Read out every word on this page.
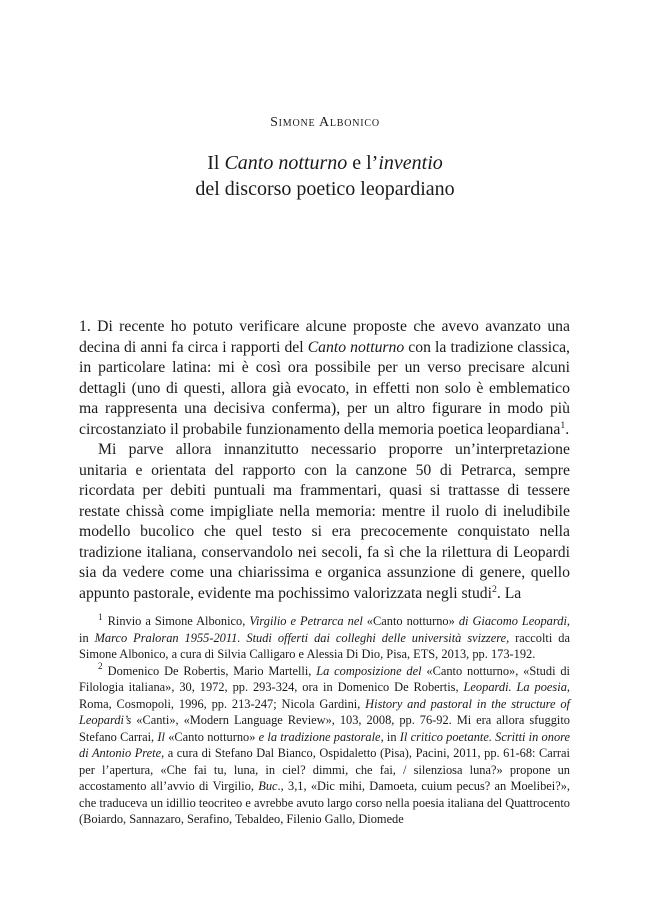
Simone Albonico
Il Canto notturno e l’inventio
del discorso poetico leopardiano

1. Di recente ho potuto verificare alcune proposte che avevo avanzato una decina di anni fa circa i rapporti del Canto notturno con la tradizione classica, in particolare latina: mi è così ora possibile per un verso precisare alcuni dettagli (uno di questi, allora già evocato, in effetti non solo è emblematico ma rappresenta una decisiva conferma), per un altro figurare in modo più circostanziato il probabile funzionamento della memoria poetica leopardiana$^1$.

Mi parve allora innanzitutto necessario proporre un’interpretazione unitaria e orientata del rapporto con la canzone 50 di Petrarca, sempre ricordata per debiti puntuali ma frammentari, quasi si trattasse di tessere restate chissà come impigliate nella memoria: mentre il ruolo di ineludibile modello bucolico che quel testo si era precocemente conquistato nella tradizione italiana, conservandolo nei secoli, fa sì che la rilettura di Leopardi sia da vedere come una chiarissima e organica assunzione di genere, quello appunto pastorale, evidente ma pochissimo valorizzata negli studi$^2$. La

$^1$ Rinvio a Simone Albonico, Virgilio e Petrarca nel «Canto notturno» di Giacomo Leopardi, in Marco Praloran 1955-2011. Studi offerti dai colleghi delle università svizzere, raccolti da Simone Albonico, a cura di Silvia Calligaro e Alessia Di Dio, Pisa, ETS, 2013, pp. 173-192.

$^2$ Domenico De Robertis, Mario Martelli, La composizione del «Canto notturno», «Studi di Filologia italiana», 30, 1972, pp. 293-324, ora in Domenico De Robertis, Leopardi. La poesia, Roma, Cosmopoli, 1996, pp. 213-247; Nicola Gardini, History and pastoral in the structure of Leopardi’s «Canti», «Modern Language Review», 103, 2008, pp. 76-92. Mi era allora sfuggito Stefano Carrai, Il «Canto notturno» e la tradizione pastorale, in Il critico poetante. Scritti in onore di Antonio Prete, a cura di Stefano Dal Bianco, Ospidaletto (Pisa), Pacini, 2011, pp. 61-68: Carrai per l’apertura, «Che fai tu, luna, in ciel? dimmi, che fai, / silenziosa luna?» propone un accostamento all’avvio di Virgilio, Buc., 3,1, «Dic mihi, Damoeta, cuium pecus? an Moelibei?», che traduceva un idillio teocriteo e avrebbe avuto largo corso nella poesia italiana del Quattrocento (Boiardo, Sannazaro, Serafino, Tebaldeo, Filenio Gallo, Diomede
